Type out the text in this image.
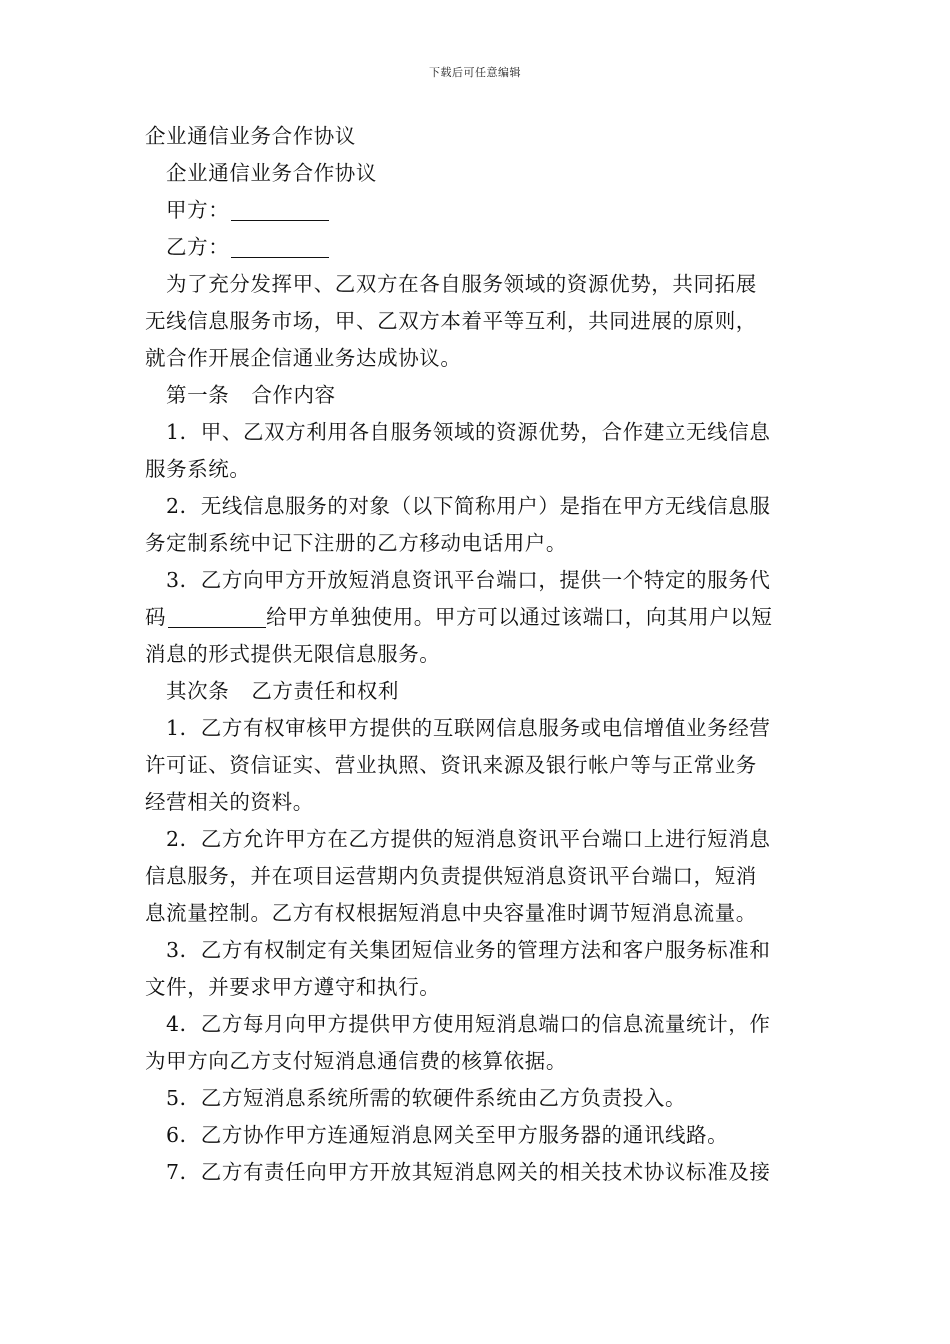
下载后可任意编辑
企业通信业务合作协议
企业通信业务合作协议
甲方：
乙方：
为了充分发挥甲、乙双方在各自服务领域的资源优势，共同拓展
无线信息服务市场，甲、乙双方本着平等互利，共同进展的原则，
就合作开展企信通业务达成协议。
第一条 合作内容
1．甲、乙双方利用各自服务领域的资源优势，合作建立无线信息
服务系统。
2．无线信息服务的对象（以下简称用户）是指在甲方无线信息服
务定制系统中记下注册的乙方移动电话用户。
3．乙方向甲方开放短消息资讯平台端口，提供一个特定的服务代
码	给甲方单独使用。甲方可以通过该端口，向其用户以短
消息的形式提供无限信息服务。
其次条 乙方责任和权利
1．乙方有权审核甲方提供的互联网信息服务或电信增值业务经营
许可证、资信证实、营业执照、资讯来源及银行帐户等与正常业务
经营相关的资料。
2．乙方允许甲方在乙方提供的短消息资讯平台端口上进行短消息
信息服务，并在项目运营期内负责提供短消息资讯平台端口，短消
息流量控制。乙方有权根据短消息中央容量准时调节短消息流量。
3．乙方有权制定有关集团短信业务的管理方法和客户服务标准和
文件，并要求甲方遵守和执行。
4．乙方每月向甲方提供甲方使用短消息端口的信息流量统计，作
为甲方向乙方支付短消息通信费的核算依据。
5．乙方短消息系统所需的软硬件系统由乙方负责投入。
6．乙方协作甲方连通短消息网关至甲方服务器的通讯线路。
7．乙方有责任向甲方开放其短消息网关的相关技术协议标准及接
